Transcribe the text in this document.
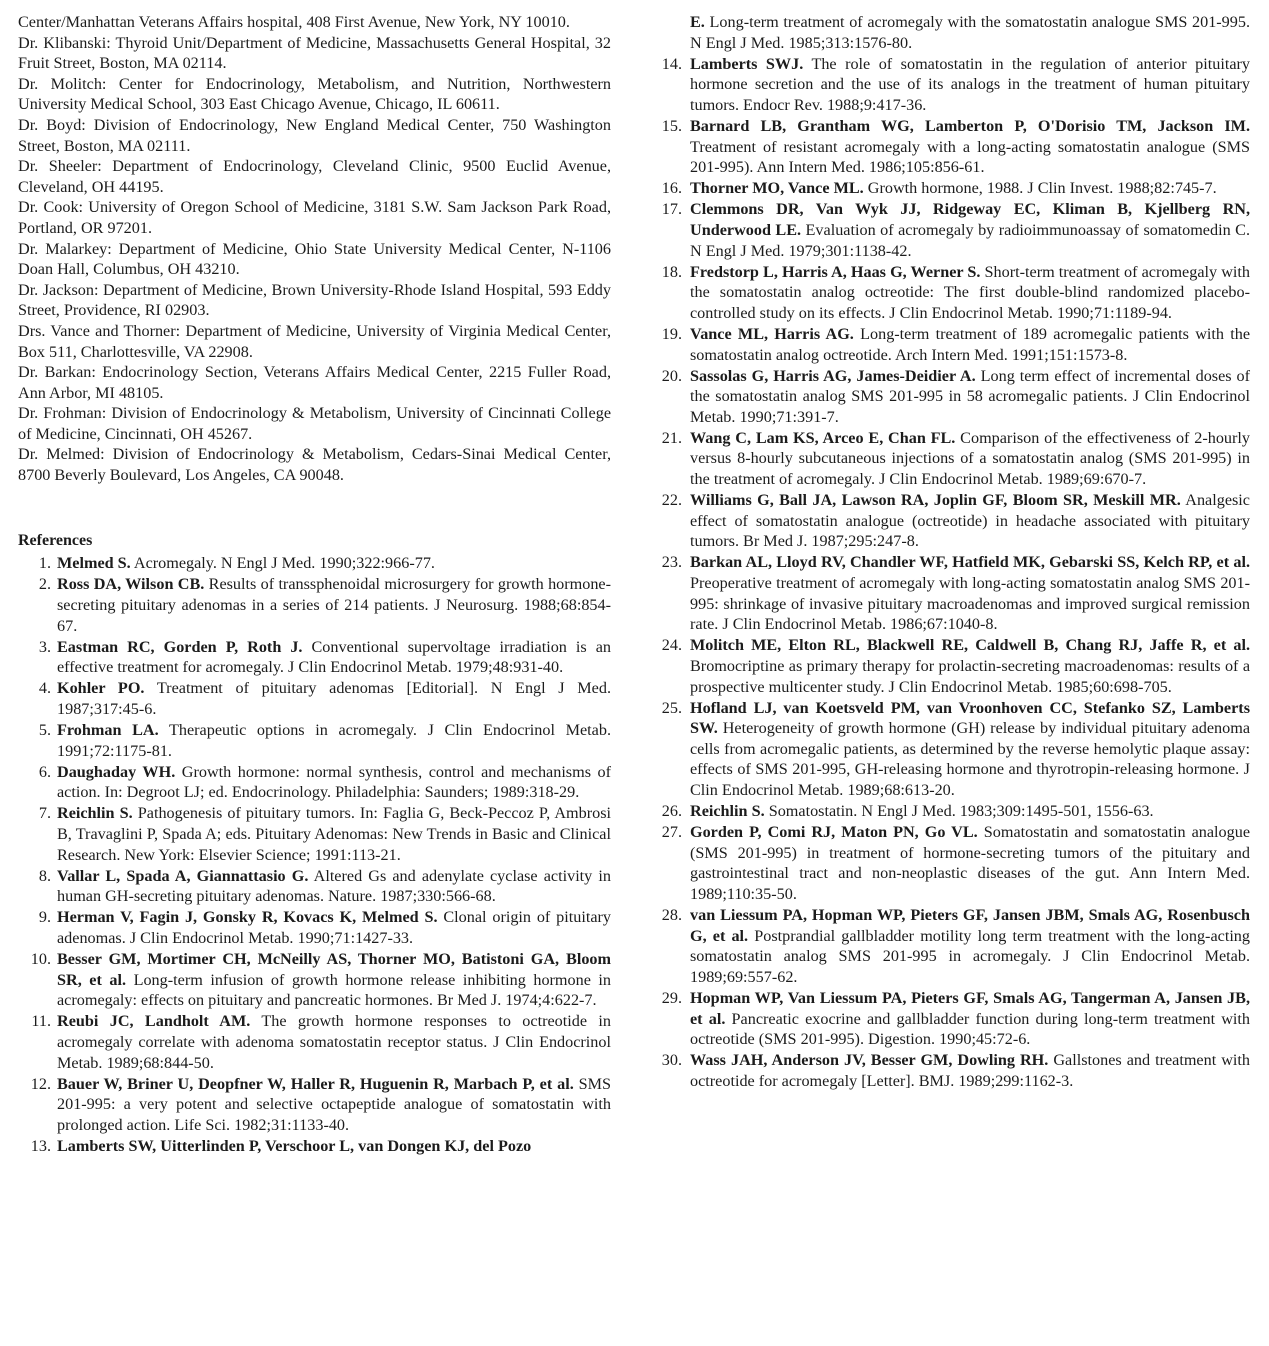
Center/Manhattan Veterans Affairs hospital, 408 First Avenue, New York, NY 10010.

Dr. Klibanski: Thyroid Unit/Department of Medicine, Massachusetts General Hospital, 32 Fruit Street, Boston, MA 02114.

Dr. Molitch: Center for Endocrinology, Metabolism, and Nutrition, Northwestern University Medical School, 303 East Chicago Avenue, Chicago, IL 60611.

Dr. Boyd: Division of Endocrinology, New England Medical Center, 750 Washington Street, Boston, MA 02111.

Dr. Sheeler: Department of Endocrinology, Cleveland Clinic, 9500 Euclid Avenue, Cleveland, OH 44195.

Dr. Cook: University of Oregon School of Medicine, 3181 S.W. Sam Jackson Park Road, Portland, OR 97201.

Dr. Malarkey: Department of Medicine, Ohio State University Medical Center, N-1106 Doan Hall, Columbus, OH 43210.

Dr. Jackson: Department of Medicine, Brown University-Rhode Island Hospital, 593 Eddy Street, Providence, RI 02903.

Drs. Vance and Thorner: Department of Medicine, University of Virginia Medical Center, Box 511, Charlottesville, VA 22908.

Dr. Barkan: Endocrinology Section, Veterans Affairs Medical Center, 2215 Fuller Road, Ann Arbor, MI 48105.

Dr. Frohman: Division of Endocrinology & Metabolism, University of Cincinnati College of Medicine, Cincinnati, OH 45267.

Dr. Melmed: Division of Endocrinology & Metabolism, Cedars-Sinai Medical Center, 8700 Beverly Boulevard, Los Angeles, CA 90048.

References
1. Melmed S. Acromegaly. N Engl J Med. 1990;322:966-77.
2. Ross DA, Wilson CB. Results of transsphenoidal microsurgery for growth hormone-secreting pituitary adenomas in a series of 214 patients. J Neurosurg. 1988;68:854-67.
3. Eastman RC, Gorden P, Roth J. Conventional supervoltage irradiation is an effective treatment for acromegaly. J Clin Endocrinol Metab. 1979;48:931-40.
4. Kohler PO. Treatment of pituitary adenomas [Editorial]. N Engl J Med. 1987;317:45-6.
5. Frohman LA. Therapeutic options in acromegaly. J Clin Endocrinol Metab. 1991;72:1175-81.
6. Daughaday WH. Growth hormone: normal synthesis, control and mechanisms of action. In: Degroot LJ; ed. Endocrinology. Philadelphia: Saunders; 1989:318-29.
7. Reichlin S. Pathogenesis of pituitary tumors. In: Faglia G, Beck-Peccoz P, Ambrosi B, Travaglini P, Spada A; eds. Pituitary Adenomas: New Trends in Basic and Clinical Research. New York: Elsevier Science; 1991:113-21.
8. Vallar L, Spada A, Giannattasio G. Altered Gs and adenylate cyclase activity in human GH-secreting pituitary adenomas. Nature. 1987;330:566-68.
9. Herman V, Fagin J, Gonsky R, Kovacs K, Melmed S. Clonal origin of pituitary adenomas. J Clin Endocrinol Metab. 1990;71:1427-33.
10. Besser GM, Mortimer CH, McNeilly AS, Thorner MO, Batistoni GA, Bloom SR, et al. Long-term infusion of growth hormone release inhibiting hormone in acromegaly: effects on pituitary and pancreatic hormones. Br Med J. 1974;4:622-7.
11. Reubi JC, Landholt AM. The growth hormone responses to octreotide in acromegaly correlate with adenoma somatostatin receptor status. J Clin Endocrinol Metab. 1989;68:844-50.
12. Bauer W, Briner U, Deopfner W, Haller R, Huguenin R, Marbach P, et al. SMS 201-995: a very potent and selective octapeptide analogue of somatostatin with prolonged action. Life Sci. 1982;31:1133-40.
13. Lamberts SW, Uitterlinden P, Verschoor L, van Dongen KJ, del Pozo
E. Long-term treatment of acromegaly with the somatostatin analogue SMS 201-995. N Engl J Med. 1985;313:1576-80.
14. Lamberts SWJ. The role of somatostatin in the regulation of anterior pituitary hormone secretion and the use of its analogs in the treatment of human pituitary tumors. Endocr Rev. 1988;9:417-36.
15. Barnard LB, Grantham WG, Lamberton P, O'Dorisio TM, Jackson IM. Treatment of resistant acromegaly with a long-acting somatostatin analogue (SMS 201-995). Ann Intern Med. 1986;105:856-61.
16. Thorner MO, Vance ML. Growth hormone, 1988. J Clin Invest. 1988;82:745-7.
17. Clemmons DR, Van Wyk JJ, Ridgeway EC, Kliman B, Kjellberg RN, Underwood LE. Evaluation of acromegaly by radioimmunoassay of somatomedin C. N Engl J Med. 1979;301:1138-42.
18. Fredstorp L, Harris A, Haas G, Werner S. Short-term treatment of acromegaly with the somatostatin analog octreotide: The first double-blind randomized placebo-controlled study on its effects. J Clin Endocrinol Metab. 1990;71:1189-94.
19. Vance ML, Harris AG. Long-term treatment of 189 acromegalic patients with the somatostatin analog octreotide. Arch Intern Med. 1991;151:1573-8.
20. Sassolas G, Harris AG, James-Deidier A. Long term effect of incremental doses of the somatostatin analog SMS 201-995 in 58 acromegalic patients. J Clin Endocrinol Metab. 1990;71:391-7.
21. Wang C, Lam KS, Arceo E, Chan FL. Comparison of the effectiveness of 2-hourly versus 8-hourly subcutaneous injections of a somatostatin analog (SMS 201-995) in the treatment of acromegaly. J Clin Endocrinol Metab. 1989;69:670-7.
22. Williams G, Ball JA, Lawson RA, Joplin GF, Bloom SR, Meskill MR. Analgesic effect of somatostatin analogue (octreotide) in headache associated with pituitary tumors. Br Med J. 1987;295:247-8.
23. Barkan AL, Lloyd RV, Chandler WF, Hatfield MK, Gebarski SS, Kelch RP, et al. Preoperative treatment of acromegaly with long-acting somatostatin analog SMS 201-995: shrinkage of invasive pituitary macroadenomas and improved surgical remission rate. J Clin Endocrinol Metab. 1986;67:1040-8.
24. Molitch ME, Elton RL, Blackwell RE, Caldwell B, Chang RJ, Jaffe R, et al. Bromocriptine as primary therapy for prolactin-secreting macroadenomas: results of a prospective multicenter study. J Clin Endocrinol Metab. 1985;60:698-705.
25. Hofland LJ, van Koetsveld PM, van Vroonhoven CC, Stefanko SZ, Lamberts SW. Heterogeneity of growth hormone (GH) release by individual pituitary adenoma cells from acromegalic patients, as determined by the reverse hemolytic plaque assay: effects of SMS 201-995, GH-releasing hormone and thyrotropin-releasing hormone. J Clin Endocrinol Metab. 1989;68:613-20.
26. Reichlin S. Somatostatin. N Engl J Med. 1983;309:1495-501, 1556-63.
27. Gorden P, Comi RJ, Maton PN, Go VL. Somatostatin and somatostatin analogue (SMS 201-995) in treatment of hormone-secreting tumors of the pituitary and gastrointestinal tract and non-neoplastic diseases of the gut. Ann Intern Med. 1989;110:35-50.
28. van Liessum PA, Hopman WP, Pieters GF, Jansen JBM, Smals AG, Rosenbusch G, et al. Postprandial gallbladder motility long term treatment with the long-acting somatostatin analog SMS 201-995 in acromegaly. J Clin Endocrinol Metab. 1989;69:557-62.
29. Hopman WP, Van Liessum PA, Pieters GF, Smals AG, Tangerman A, Jansen JB, et al. Pancreatic exocrine and gallbladder function during long-term treatment with octreotide (SMS 201-995). Digestion. 1990;45:72-6.
30. Wass JAH, Anderson JV, Besser GM, Dowling RH. Gallstones and treatment with octreotide for acromegaly [Letter]. BMJ. 1989;299:1162-3.
